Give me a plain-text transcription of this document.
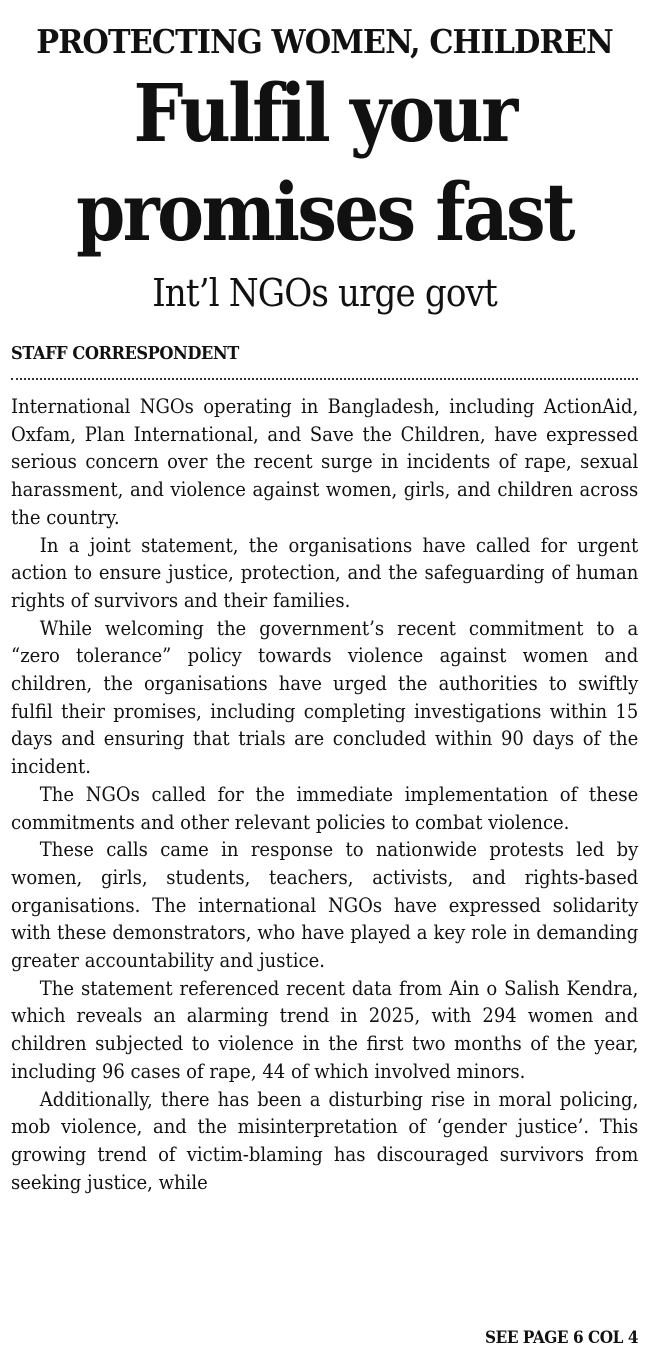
PROTECTING WOMEN, CHILDREN
Fulfil your
promises fast
Int’l NGOs urge govt
STAFF CORRESPONDENT

International NGOs operating in Bangladesh, including ActionAid, Oxfam, Plan International, and Save the Children, have expressed serious concern over the recent surge in incidents of rape, sexual harassment, and violence against women, girls, and children across the country.

In a joint statement, the organisations have called for urgent action to ensure justice, protection, and the safeguarding of human rights of survivors and their families.

While welcoming the government’s recent commitment to a “zero tolerance” policy towards violence against women and children, the organisations have urged the authorities to swiftly fulfil their promises, including completing investigations within 15 days and ensuring that trials are concluded within 90 days of the incident.

The NGOs called for the immediate implementation of these commitments and other relevant policies to combat violence.

These calls came in response to nationwide protests led by women, girls, students, teachers, activists, and rights-based organisations. The international NGOs have expressed solidarity with these demonstrators, who have played a key role in demanding greater accountability and justice.

The statement referenced recent data from Ain o Salish Kendra, which reveals an alarming trend in 2025, with 294 women and children subjected to violence in the first two months of the year, including 96 cases of rape, 44 of which involved minors.

Additionally, there has been a disturbing rise in moral policing, mob violence, and the misinterpretation of ‘gender justice’. This growing trend of victim-blaming has discouraged survivors from seeking justice, while

SEE PAGE 6 COL 4
